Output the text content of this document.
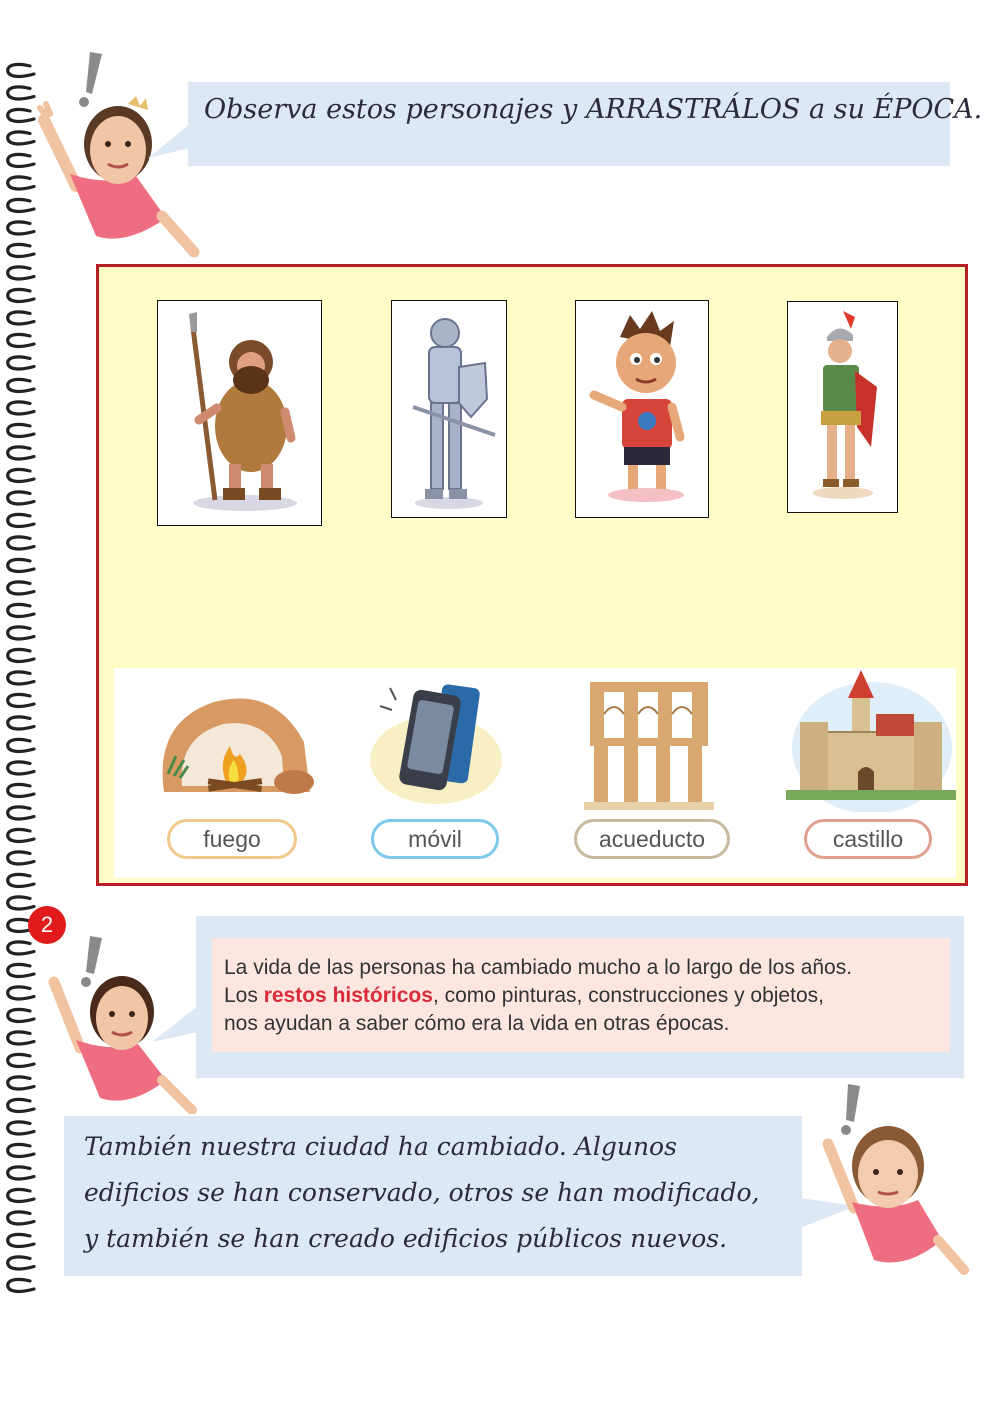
Observa estos personajes y ARRASTRÁLOS a su ÉPOCA.
fuego	móvil	acueducto	castillo
2
La vida de las personas ha cambiado mucho a lo largo de los años.
Los restos históricos, como pinturas, construcciones y objetos,
nos ayudan a saber cómo era la vida en otras épocas.
También nuestra ciudad ha cambiado. Algunos
edificios se han conservado, otros se han modificado,
y también se han creado edificios públicos nuevos.
